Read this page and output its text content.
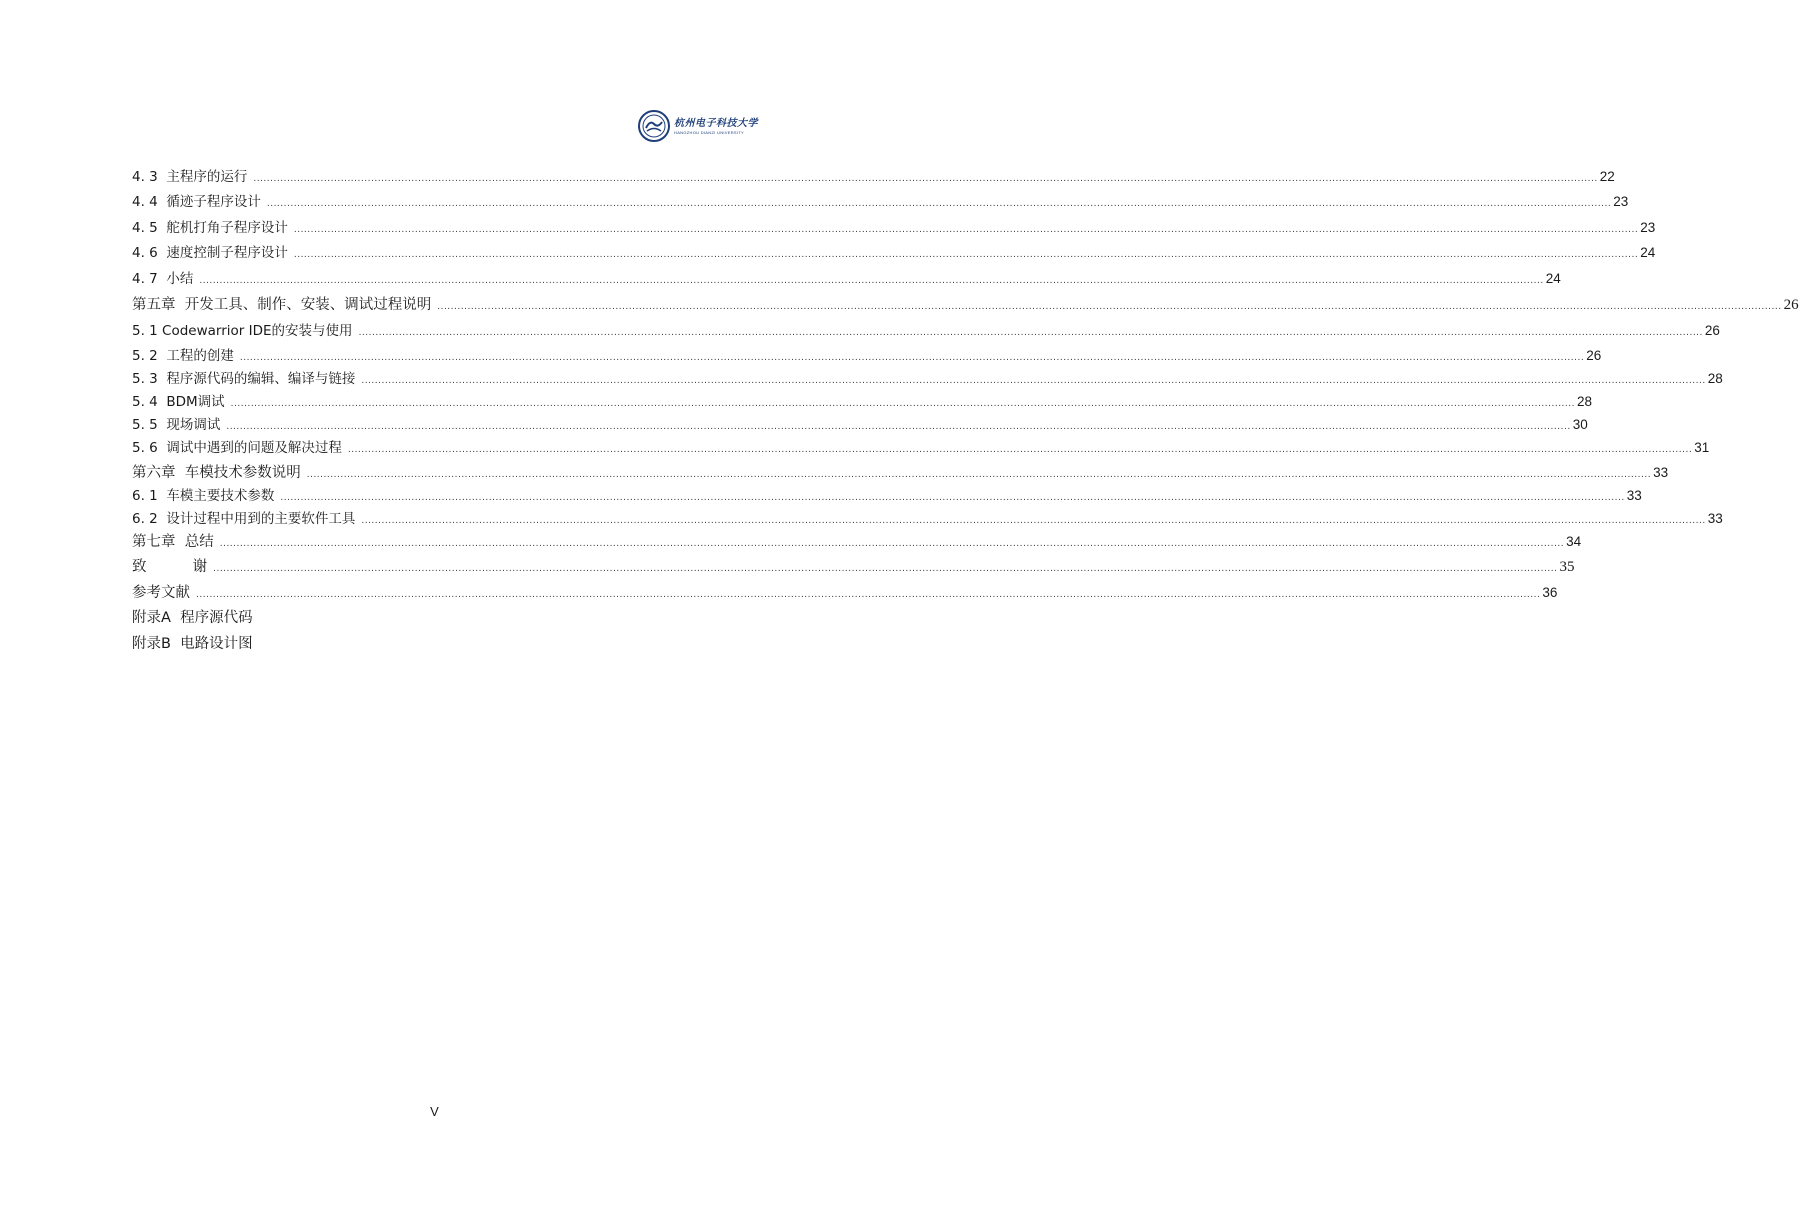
杭州电子科技大学
HANGZHOU DIANZI UNIVERSITY
4. 3  主程序的运行 ................................................................................................................................................................................................................................................................................................................................................................................................................ 22
4. 4  循迹子程序设计 ................................................................................................................................................................................................................................................................................................................................................................................................................ 23
4. 5  舵机打角子程序设计 ................................................................................................................................................................................................................................................................................................................................................................................................................ 23
4. 6  速度控制子程序设计 ................................................................................................................................................................................................................................................................................................................................................................................................................ 24
4. 7  小结 ................................................................................................................................................................................................................................................................................................................................................................................................................ 24
第五章  开发工具、制作、安装、调试过程说明 ................................................................................................................................................................................................................................................................................................................................................................................................................ 26
5. 1 Codewarrior IDE的安装与使用 ................................................................................................................................................................................................................................................................................................................................................................................................................ 26
5. 2  工程的创建 ................................................................................................................................................................................................................................................................................................................................................................................................................ 26
5. 3  程序源代码的编辑、编译与链接 ................................................................................................................................................................................................................................................................................................................................................................................................................ 28
5. 4  BDM调试 ................................................................................................................................................................................................................................................................................................................................................................................................................ 28
5. 5  现场调试 ................................................................................................................................................................................................................................................................................................................................................................................................................ 30
5. 6  调试中遇到的问题及解决过程 ................................................................................................................................................................................................................................................................................................................................................................................................................ 31
第六章  车模技术参数说明 ................................................................................................................................................................................................................................................................................................................................................................................................................ 33
6. 1  车模主要技术参数 ................................................................................................................................................................................................................................................................................................................................................................................................................ 33
6. 2  设计过程中用到的主要软件工具 ................................................................................................................................................................................................................................................................................................................................................................................................................ 33
第七章  总结 ................................................................................................................................................................................................................................................................................................................................................................................................................ 34
致          谢 ................................................................................................................................................................................................................................................................................................................................................................................................................ 35
参考文献 ................................................................................................................................................................................................................................................................................................................................................................................................................ 36
附录A  程序源代码
附录B  电路设计图
V
